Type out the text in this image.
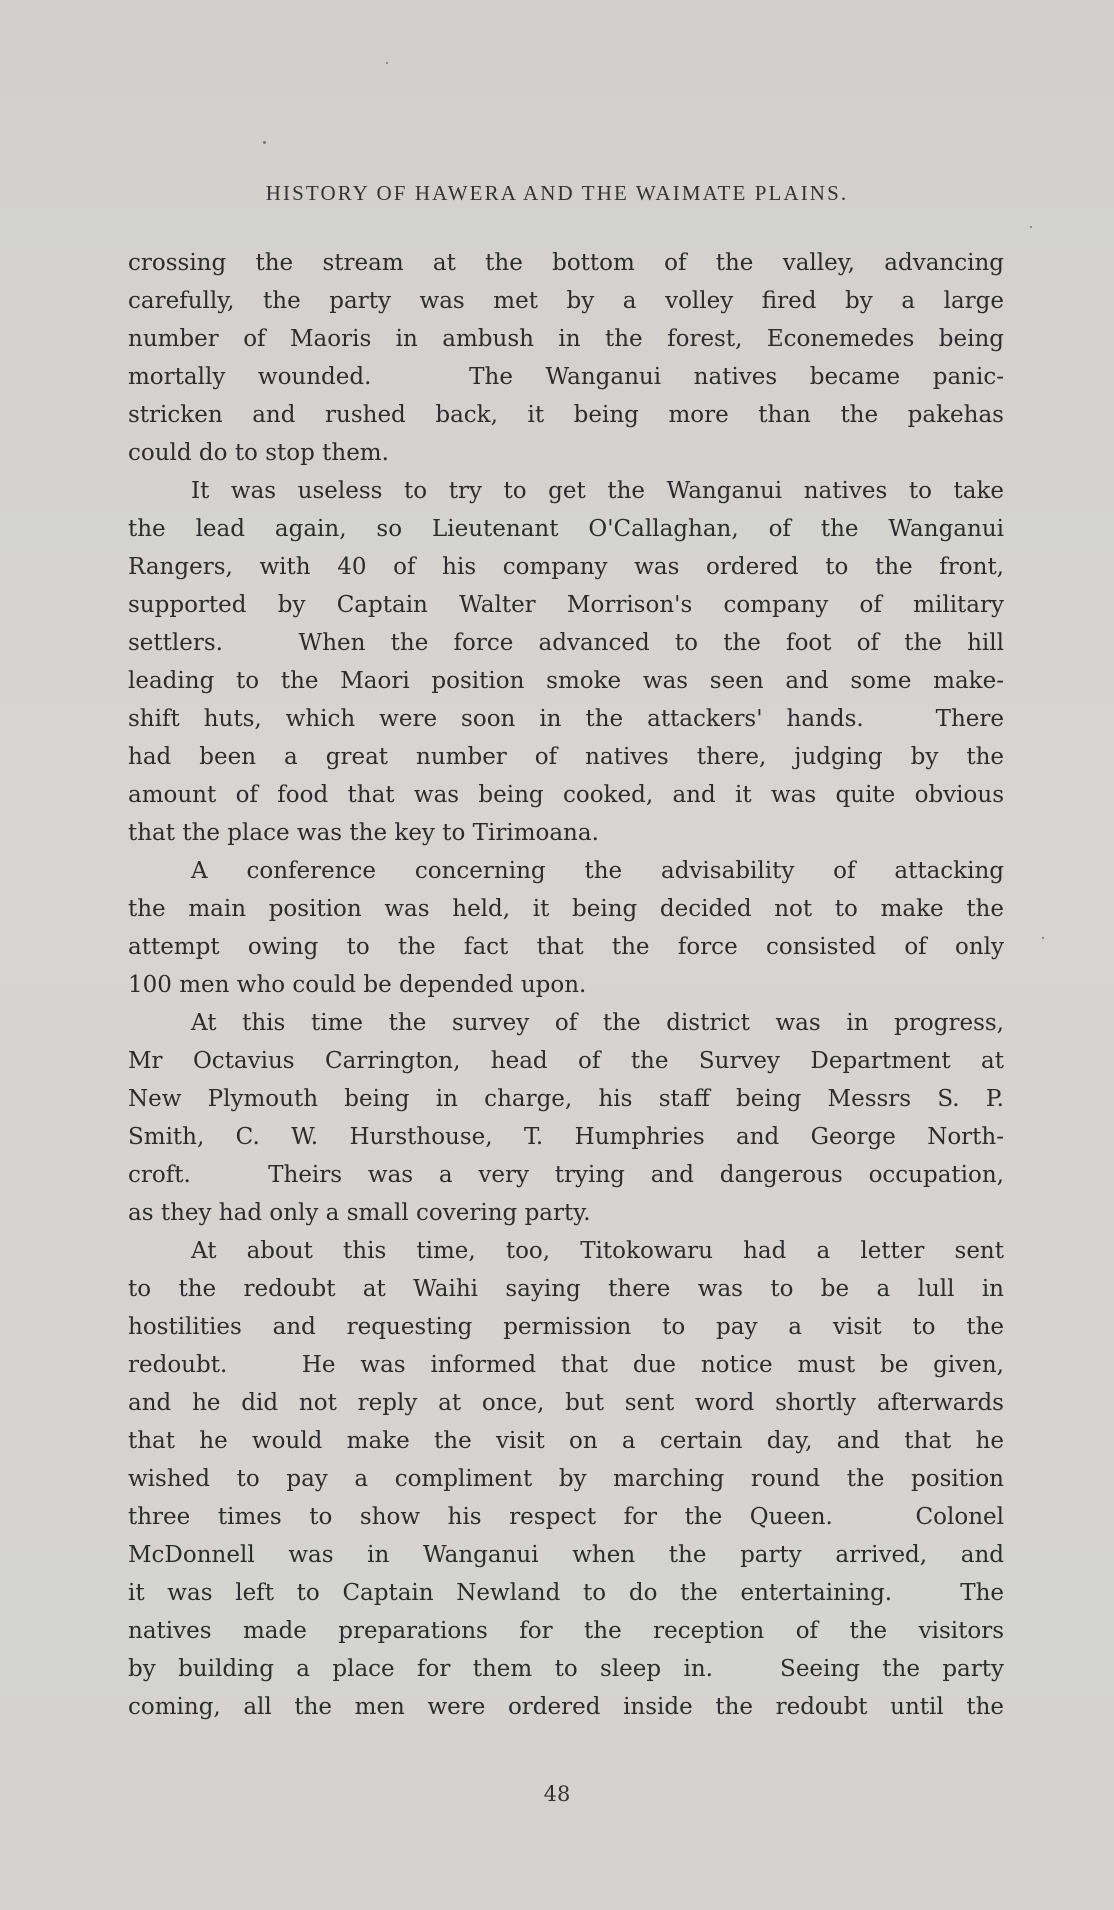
HISTORY OF HAWERA AND THE WAIMATE PLAINS.
crossing the stream at the bottom of the valley, advancing
carefully, the party was met by a volley fired by a large
number of Maoris in ambush in the forest, Econemedes being
mortally wounded.   The Wanganui natives became panic-
stricken and rushed back, it being more than the pakehas
could do to stop them.
It was useless to try to get the Wanganui natives to take
the lead again, so Lieutenant O'Callaghan, of the Wanganui
Rangers, with 40 of his company was ordered to the front,
supported by Captain Walter Morrison's company of military
settlers.   When the force advanced to the foot of the hill
leading to the Maori position smoke was seen and some make-
shift huts, which were soon in the attackers' hands.   There
had been a great number of natives there, judging by the
amount of food that was being cooked, and it was quite obvious
that the place was the key to Tirimoana.
A conference concerning the advisability of attacking
the main position was held, it being decided not to make the
attempt owing to the fact that the force consisted of only
100 men who could be depended upon.
At this time the survey of the district was in progress,
Mr Octavius Carrington, head of the Survey Department at
New Plymouth being in charge, his staff being Messrs S. P.
Smith, C. W. Hursthouse, T. Humphries and George North-
croft.   Theirs was a very trying and dangerous occupation,
as they had only a small covering party.
At about this time, too, Titokowaru had a letter sent
to the redoubt at Waihi saying there was to be a lull in
hostilities and requesting permission to pay a visit to the
redoubt.   He was informed that due notice must be given,
and he did not reply at once, but sent word shortly afterwards
that he would make the visit on a certain day, and that he
wished to pay a compliment by marching round the position
three times to show his respect for the Queen.   Colonel
McDonnell was in Wanganui when the party arrived, and
it was left to Captain Newland to do the entertaining.   The
natives made preparations for the reception of the visitors
by building a place for them to sleep in.   Seeing the party
coming, all the men were ordered inside the redoubt until the
48
